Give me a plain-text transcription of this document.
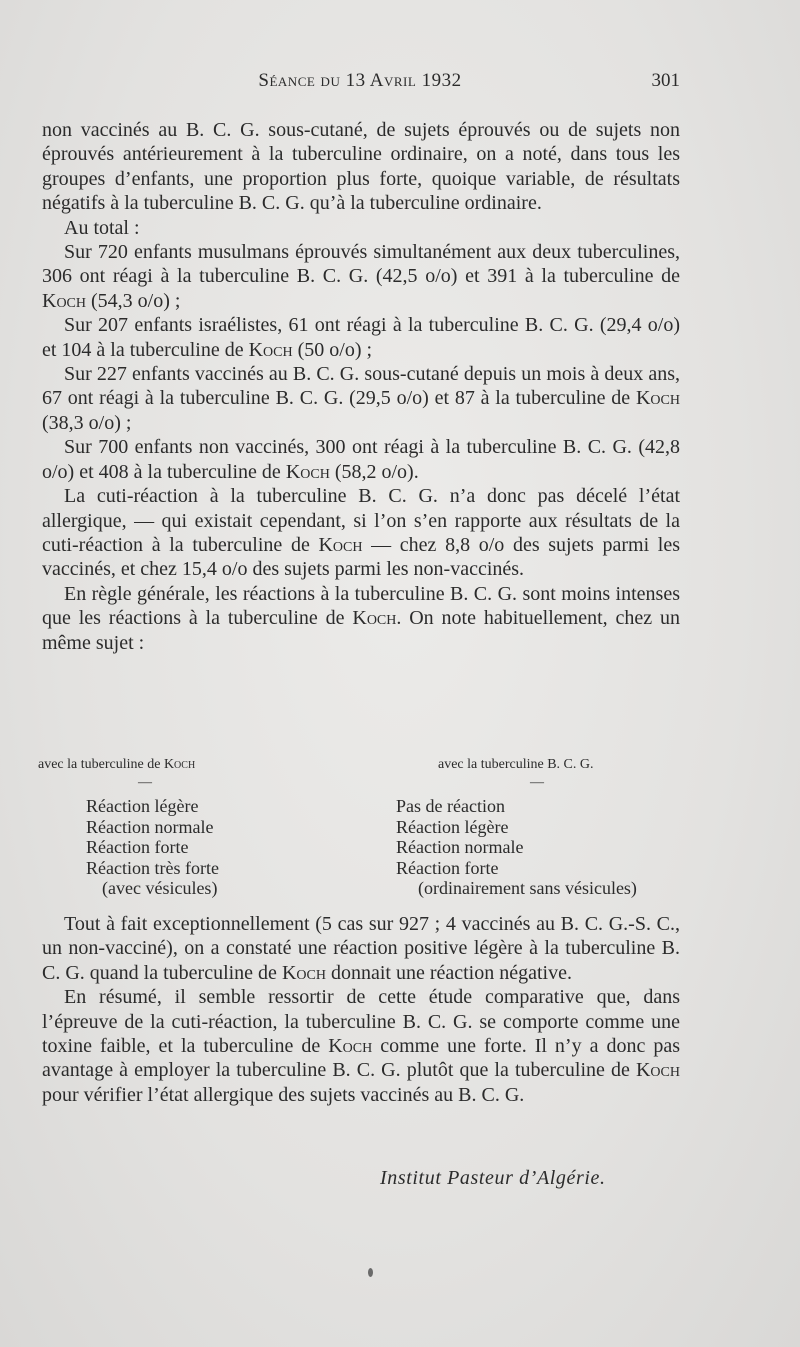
Séance du 13 Avril 1932	301

non vaccinés au B. C. G. sous-cutané, de sujets éprouvés ou de sujets non éprouvés antérieurement à la tuberculine ordinaire, on a noté, dans tous les groupes d’enfants, une proportion plus forte, quoique variable, de résultats négatifs à la tuberculine B. C. G. qu’à la tuberculine ordinaire.

Au total :

Sur 720 enfants musulmans éprouvés simultanément aux deux tuberculines, 306 ont réagi à la tuberculine B. C. G. (42,5 o/o) et 391 à la tuberculine de Koch (54,3 o/o) ;

Sur 207 enfants israélistes, 61 ont réagi à la tuberculine B. C. G. (29,4 o/o) et 104 à la tuberculine de Koch (50 o/o) ;

Sur 227 enfants vaccinés au B. C. G. sous-cutané depuis un mois à deux ans, 67 ont réagi à la tuberculine B. C. G. (29,5 o/o) et 87 à la tuberculine de Koch (38,3 o/o) ;

Sur 700 enfants non vaccinés, 300 ont réagi à la tuberculine B. C. G. (42,8 o/o) et 408 à la tuberculine de Koch (58,2 o/o).

La cuti-réaction à la tuberculine B. C. G. n’a donc pas décelé l’état allergique, — qui existait cependant, si l’on s’en rapporte aux résultats de la cuti-réaction à la tuberculine de Koch — chez 8,8 o/o des sujets parmi les vaccinés, et chez 15,4 o/o des sujets parmi les non-vaccinés.

En règle générale, les réactions à la tuberculine B. C. G. sont moins intenses que les réactions à la tuberculine de Koch. On note habituellement, chez un même sujet :

avec la tuberculine de Koch
—
Réaction légère
Réaction normale
Réaction forte
Réaction très forte
(avec vésicules)
avec la tuberculine B. C. G.
—
Pas de réaction
Réaction légère
Réaction normale
Réaction forte
(ordinairement sans vésicules)

Tout à fait exceptionnellement (5 cas sur 927 ; 4 vaccinés au B. C. G.-S. C., un non-vacciné), on a constaté une réaction positive légère à la tuberculine B. C. G. quand la tuberculine de Koch donnait une réaction négative.

En résumé, il semble ressortir de cette étude comparative que, dans l’épreuve de la cuti-réaction, la tuberculine B. C. G. se comporte comme une toxine faible, et la tuberculine de Koch comme une forte. Il n’y a donc pas avantage à employer la tuberculine B. C. G. plutôt que la tuberculine de Koch pour vérifier l’état allergique des sujets vaccinés au B. C. G.

Institut Pasteur d’Algérie.
